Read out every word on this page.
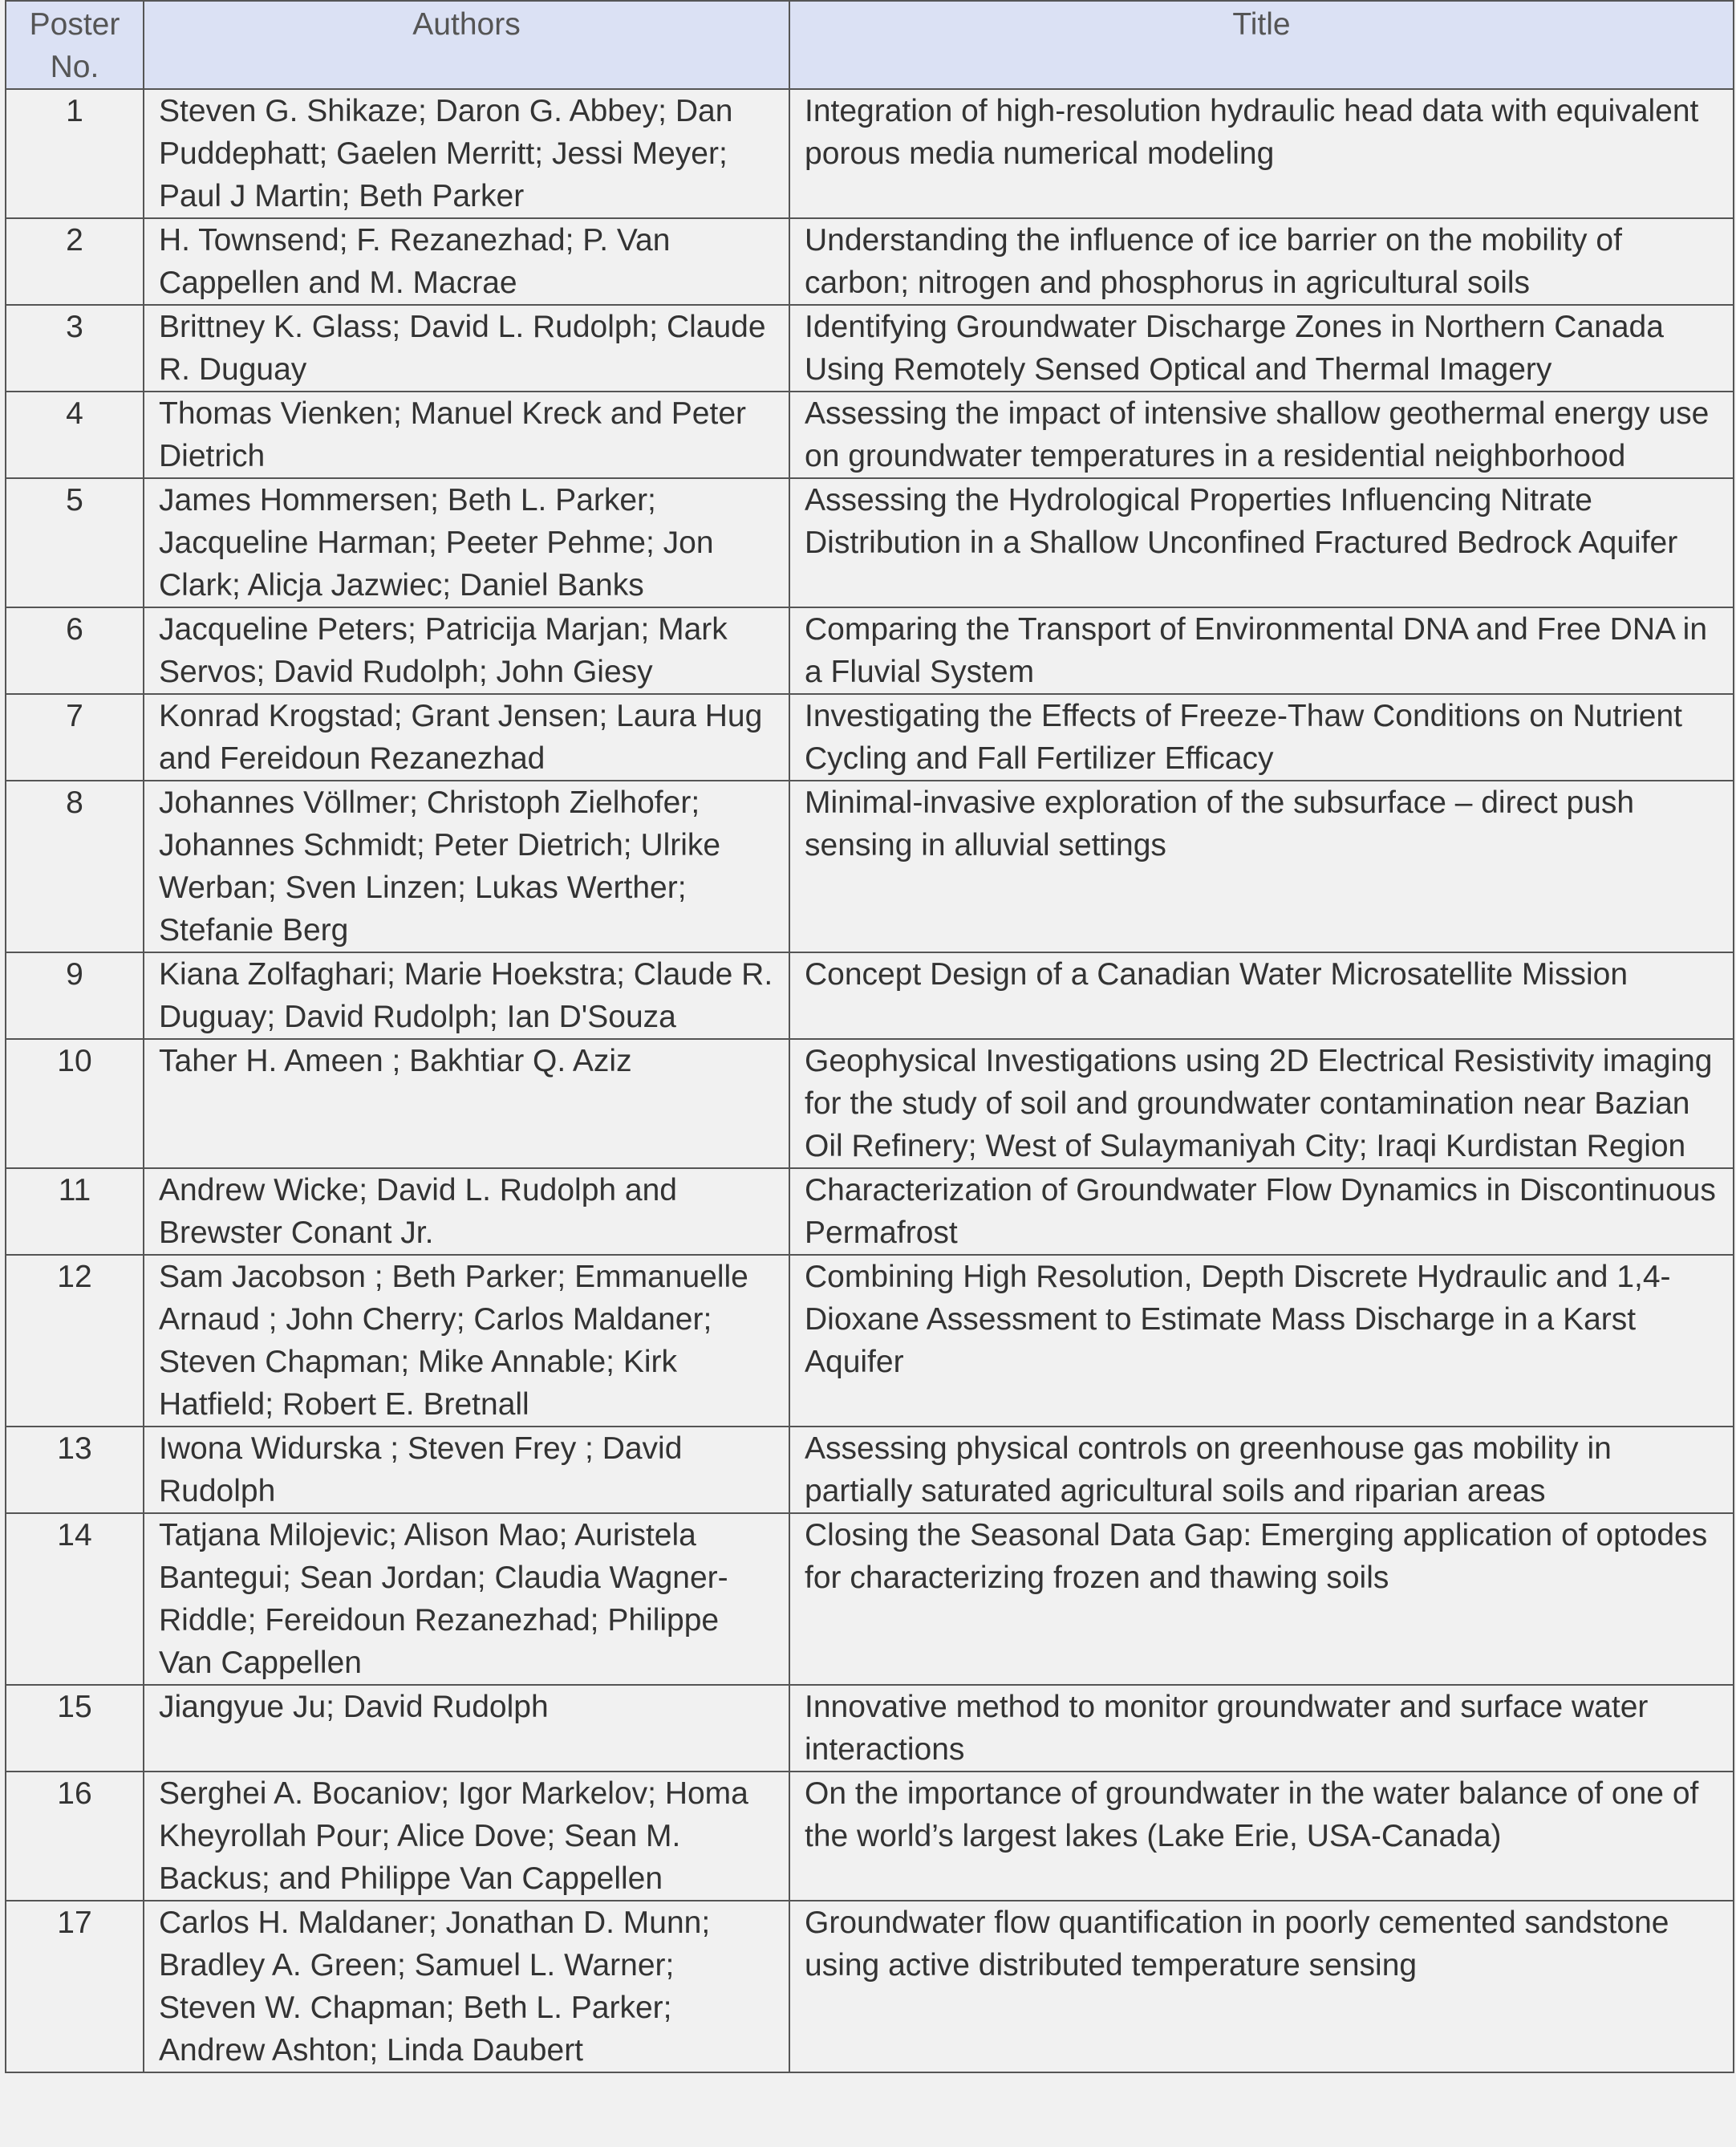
Poster No.	Authors	Title
1	Steven G. Shikaze; Daron G. Abbey; Dan Puddephatt; Gaelen Merritt; Jessi Meyer; Paul J Martin; Beth Parker	Integration of high-resolution hydraulic head data with equivalent porous media numerical modeling
2	H. Townsend; F. Rezanezhad; P. Van Cappellen and M. Macrae	Understanding the influence of ice barrier on the mobility of carbon; nitrogen and phosphorus in agricultural soils
3	Brittney K. Glass; David L. Rudolph; Claude R. Duguay	Identifying Groundwater Discharge Zones in Northern Canada Using Remotely Sensed Optical and Thermal Imagery
4	Thomas Vienken; Manuel Kreck and Peter Dietrich	Assessing the impact of intensive shallow geothermal energy use on groundwater temperatures in a residential neighborhood
5	James Hommersen; Beth L. Parker; Jacqueline Harman; Peeter Pehme; Jon Clark; Alicja Jazwiec; Daniel Banks	Assessing the Hydrological Properties Influencing Nitrate Distribution in a Shallow Unconfined Fractured Bedrock Aquifer
6	Jacqueline Peters; Patricija Marjan; Mark Servos; David Rudolph; John Giesy	Comparing the Transport of Environmental DNA and Free DNA in a Fluvial System
7	Konrad Krogstad; Grant Jensen; Laura Hug and Fereidoun Rezanezhad	Investigating the Effects of Freeze-Thaw Conditions on Nutrient Cycling and Fall Fertilizer Efficacy
8	Johannes Völlmer; Christoph Zielhofer; Johannes Schmidt; Peter Dietrich; Ulrike Werban; Sven Linzen; Lukas Werther; Stefanie Berg	Minimal-invasive exploration of the subsurface – direct push sensing in alluvial settings
9	Kiana Zolfaghari; Marie Hoekstra; Claude R. Duguay; David Rudolph; Ian D'Souza	Concept Design of a Canadian Water Microsatellite Mission
10	Taher H. Ameen ; Bakhtiar Q. Aziz	Geophysical Investigations using 2D Electrical Resistivity imaging for the study of soil and groundwater contamination near Bazian Oil Refinery; West of Sulaymaniyah City; Iraqi Kurdistan Region
11	Andrew Wicke; David L. Rudolph and Brewster Conant Jr.	Characterization of Groundwater Flow Dynamics in Discontinuous Permafrost
12	Sam Jacobson ; Beth Parker; Emmanuelle Arnaud ; John Cherry; Carlos Maldaner; Steven Chapman; Mike Annable; Kirk Hatfield; Robert E. Bretnall	Combining High Resolution, Depth Discrete Hydraulic and 1,4-Dioxane Assessment to Estimate Mass Discharge in a Karst Aquifer
13	Iwona Widurska ; Steven Frey ; David Rudolph	Assessing physical controls on greenhouse gas mobility in partially saturated agricultural soils and riparian areas
14	Tatjana Milojevic; Alison Mao; Auristela Bantegui; Sean Jordan; Claudia Wagner-Riddle; Fereidoun Rezanezhad; Philippe Van Cappellen	Closing the Seasonal Data Gap: Emerging application of optodes for characterizing frozen and thawing soils
15	Jiangyue Ju; David Rudolph	Innovative method to monitor groundwater and surface water interactions
16	Serghei A. Bocaniov; Igor Markelov; Homa Kheyrollah Pour; Alice Dove; Sean M. Backus; and Philippe Van Cappellen	On the importance of groundwater in the water balance of one of the world’s largest lakes (Lake Erie, USA-Canada)
17	Carlos H. Maldaner; Jonathan D. Munn; Bradley A. Green; Samuel L. Warner; Steven W. Chapman; Beth L. Parker; Andrew Ashton; Linda Daubert	Groundwater flow quantification in poorly cemented sandstone using active distributed temperature sensing
